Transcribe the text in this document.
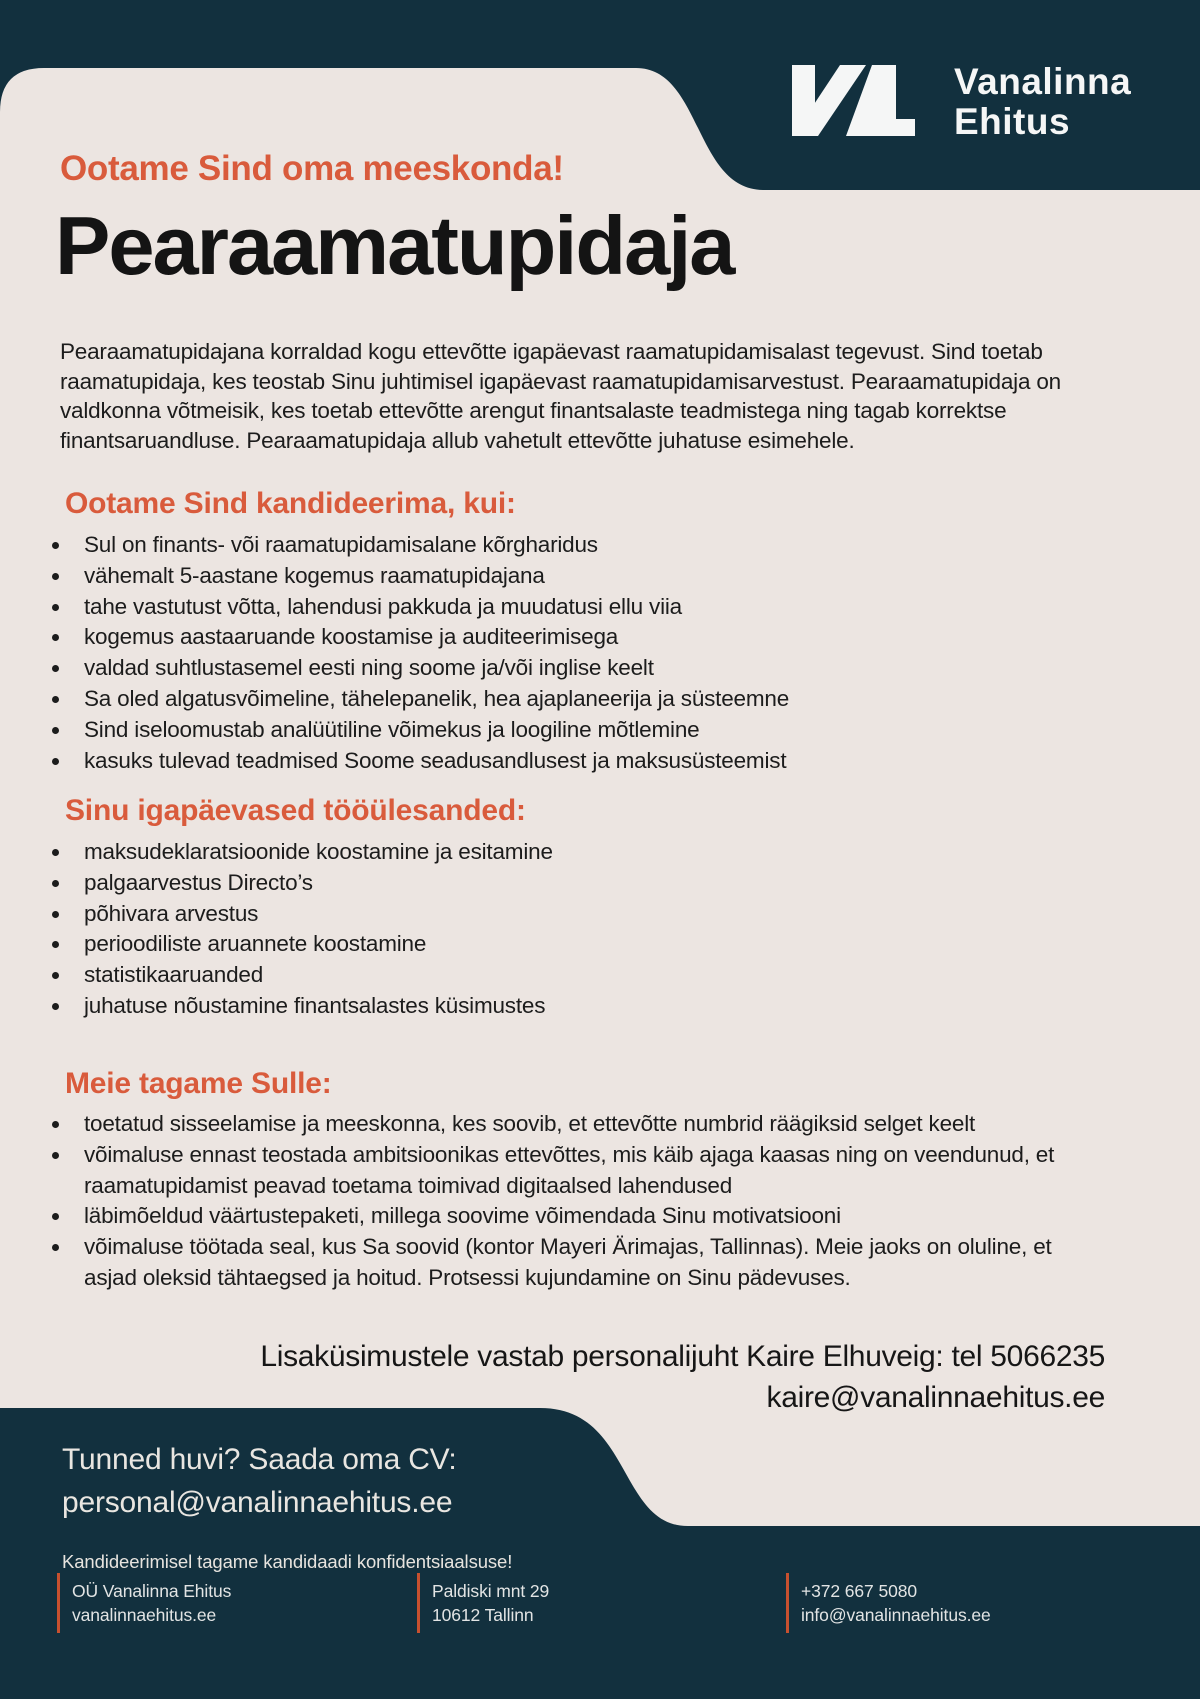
Vanalinna
Ehitus
Ootame Sind oma meeskonda!
Pearaamatupidaja

Pearaamatupidajana korraldad kogu ettevõtte igapäevast raamatupidamisalast tegevust. Sind toetab raamatupidaja, kes teostab Sinu juhtimisel igapäevast raamatupidamisarvestust. Pearaamatupidaja on valdkonna võtmeisik, kes toetab ettevõtte arengut finantsalaste teadmistega ning tagab korrektse finantsaruandluse. Pearaamatupidaja allub vahetult ettevõtte juhatuse esimehele.

Ootame Sind kandideerima, kui:
Sul on finants- või raamatupidamisalane kõrgharidus
vähemalt 5-aastane kogemus raamatupidajana
tahe vastutust võtta, lahendusi pakkuda ja muudatusi ellu viia
kogemus aastaaruande koostamise ja auditeerimisega
valdad suhtlustasemel eesti ning soome ja/või inglise keelt
Sa oled algatusvõimeline, tähelepanelik, hea ajaplaneerija ja süsteemne
Sind iseloomustab analüütiline võimekus ja loogiline mõtlemine
kasuks tulevad teadmised Soome seadusandlusest ja maksusüsteemist
Sinu igapäevased tööülesanded:
maksudeklaratsioonide koostamine ja esitamine
palgaarvestus Directo’s
põhivara arvestus
perioodiliste aruannete koostamine
statistikaaruanded
juhatuse nõustamine finantsalastes küsimustes
Meie tagame Sulle:
toetatud sisseelamise ja meeskonna, kes soovib, et ettevõtte numbrid räägiksid selget keelt
võimaluse ennast teostada ambitsioonikas ettevõttes, mis käib ajaga kaasas ning on veendunud, et raamatupidamist peavad toetama toimivad digitaalsed lahendused
läbimõeldud väärtustepaketi, millega soovime võimendada Sinu motivatsiooni
võimaluse töötada seal, kus Sa soovid (kontor Mayeri Ärimajas, Tallinnas). Meie jaoks on oluline, et asjad oleksid tähtaegsed ja hoitud. Protsessi kujundamine on Sinu pädevuses.
Lisaküsimustele vastab personalijuht Kaire Elhuveig: tel 5066235
kaire@vanalinnaehitus.ee
Tunned huvi? Saada oma CV:
personal@vanalinnaehitus.ee
Kandideerimisel tagame kandidaadi konfidentsiaalsuse!
OÜ Vanalinna Ehitus
vanalinnaehitus.ee
Paldiski mnt 29
10612 Tallinn
+372 667 5080
info@vanalinnaehitus.ee
